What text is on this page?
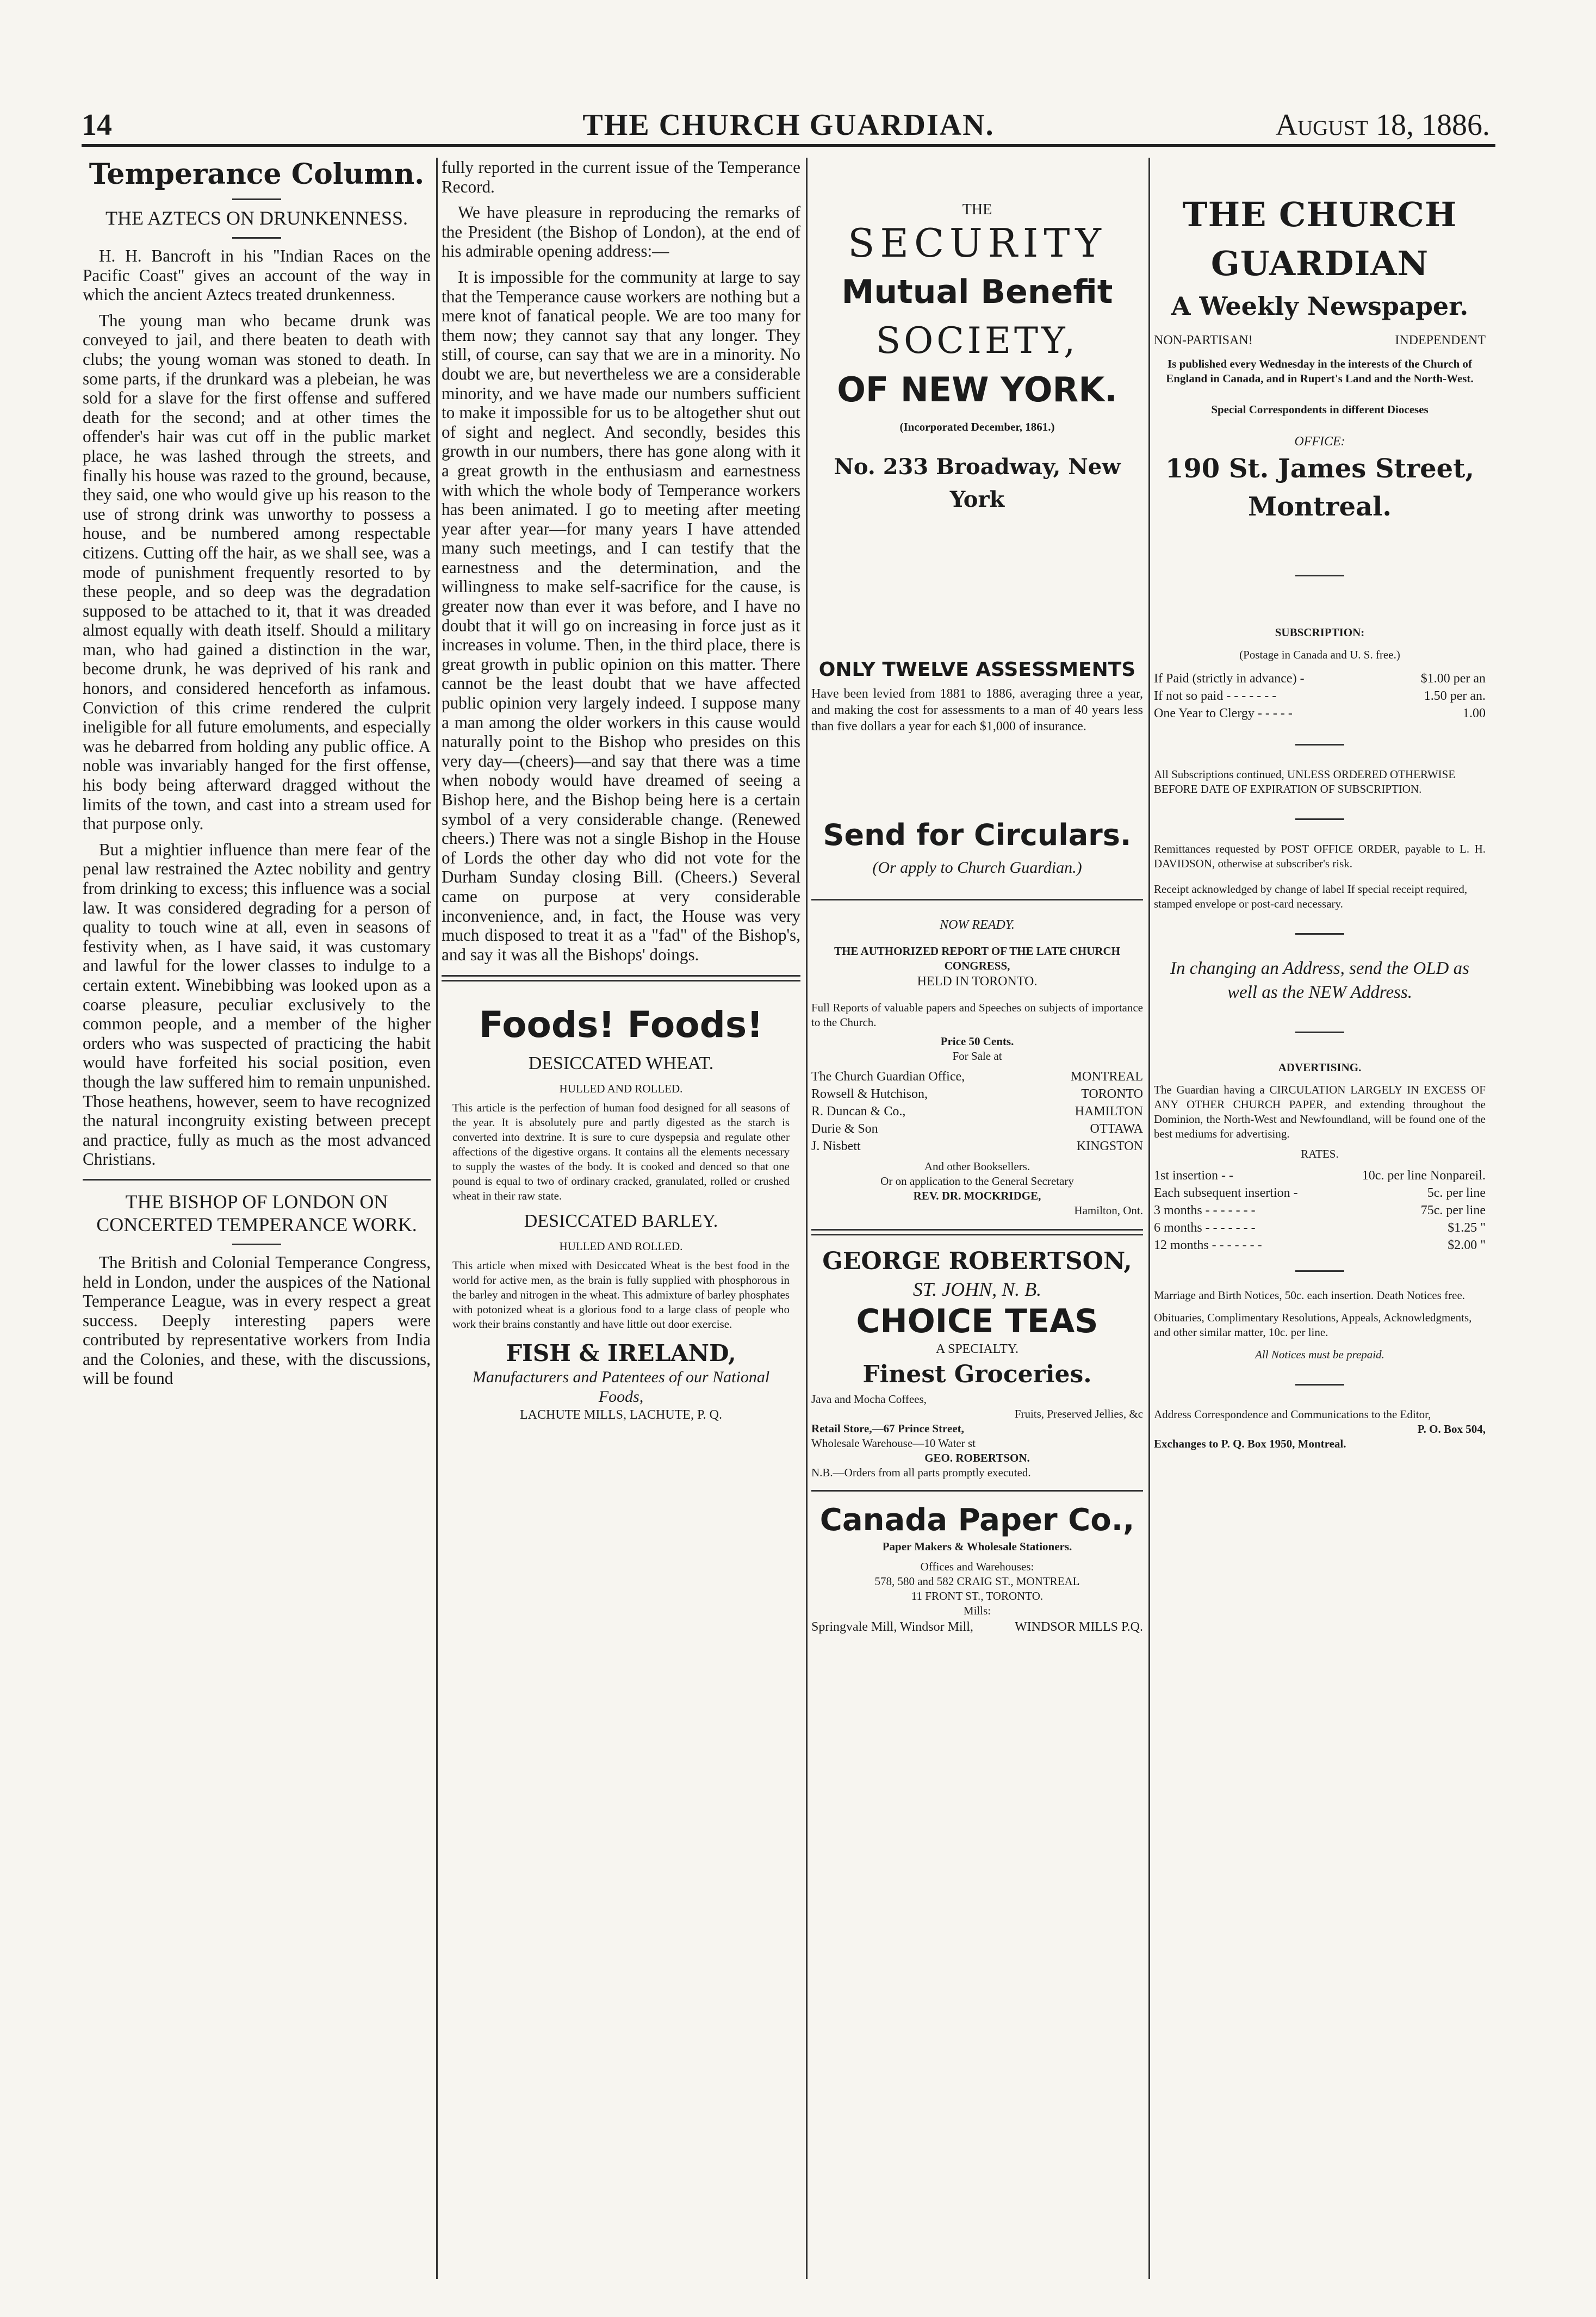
14	THE CHURCH GUARDIAN.	August 18, 1886.
Temperance Column.
THE AZTECS ON DRUNKENNESS.

H. H. Bancroft in his "Indian Races on the Pacific Coast" gives an account of the way in which the ancient Aztecs treated drunkenness.

The young man who became drunk was conveyed to jail, and there beaten to death with clubs; the young woman was stoned to death. In some parts, if the drunkard was a plebeian, he was sold for a slave for the first offense and suffered death for the second; and at other times the offender's hair was cut off in the public market place, he was lashed through the streets, and finally his house was razed to the ground, because, they said, one who would give up his reason to the use of strong drink was unworthy to possess a house, and be numbered among respectable citizens. Cutting off the hair, as we shall see, was a mode of punishment frequently resorted to by these people, and so deep was the degradation supposed to be attached to it, that it was dreaded almost equally with death itself. Should a military man, who had gained a distinction in the war, become drunk, he was deprived of his rank and honors, and considered henceforth as infamous. Conviction of this crime rendered the culprit ineligible for all future emoluments, and especially was he debarred from holding any public office. A noble was invariably hanged for the first offense, his body being afterward dragged without the limits of the town, and cast into a stream used for that purpose only.

But a mightier influence than mere fear of the penal law restrained the Aztec nobility and gentry from drinking to excess; this influence was a social law. It was considered degrading for a person of quality to touch wine at all, even in seasons of festivity when, as I have said, it was customary and lawful for the lower classes to indulge to a certain extent. Winebibbing was looked upon as a coarse pleasure, peculiar exclusively to the common people, and a member of the higher orders who was suspected of practicing the habit would have forfeited his social position, even though the law suffered him to remain unpunished. Those heathens, however, seem to have recognized the natural incongruity existing between precept and practice, fully as much as the most advanced Christians.

THE BISHOP OF LONDON ON CONCERTED TEMPERANCE WORK.

The British and Colonial Temperance Congress, held in London, under the auspices of the National Temperance League, was in every respect a great success. Deeply interesting papers were contributed by representative workers from India and the Colonies, and these, with the discussions, will be found

fully reported in the current issue of the Temperance Record.

We have pleasure in reproducing the remarks of the President (the Bishop of London), at the end of his admirable opening address:—

It is impossible for the community at large to say that the Temperance cause workers are nothing but a mere knot of fanatical people. We are too many for them now; they cannot say that any longer. They still, of course, can say that we are in a minority. No doubt we are, but nevertheless we are a considerable minority, and we have made our numbers sufficient to make it impossible for us to be altogether shut out of sight and neglect. And secondly, besides this growth in our numbers, there has gone along with it a great growth in the enthusiasm and earnestness with which the whole body of Temperance workers has been animated. I go to meeting after meeting year after year—for many years I have attended many such meetings, and I can testify that the earnestness and the determination, and the willingness to make self-sacrifice for the cause, is greater now than ever it was before, and I have no doubt that it will go on increasing in force just as it increases in volume. Then, in the third place, there is great growth in public opinion on this matter. There cannot be the least doubt that we have affected public opinion very largely indeed. I suppose many a man among the older workers in this cause would naturally point to the Bishop who presides on this very day—(cheers)—and say that there was a time when nobody would have dreamed of seeing a Bishop here, and the Bishop being here is a certain symbol of a very considerable change. (Renewed cheers.) There was not a single Bishop in the House of Lords the other day who did not vote for the Durham Sunday closing Bill. (Cheers.) Several came on purpose at very considerable inconvenience, and, in fact, the House was very much disposed to treat it as a "fad" of the Bishop's, and say it was all the Bishops' doings.

Foods! Foods!
DESICCATED WHEAT.
HULLED AND ROLLED.

This article is the perfection of human food designed for all seasons of the year. It is absolutely pure and partly digested as the starch is converted into dextrine. It is sure to cure dyspepsia and regulate other affections of the digestive organs. It contains all the elements necessary to supply the wastes of the body. It is cooked and denced so that one pound is equal to two of ordinary cracked, granulated, rolled or crushed wheat in their raw state.

DESICCATED BARLEY.
HULLED AND ROLLED.

This article when mixed with Desiccated Wheat is the best food in the world for active men, as the brain is fully supplied with phosphorous in the barley and nitrogen in the wheat. This admixture of barley phosphates with potonized wheat is a glorious food to a large class of people who work their brains constantly and have little out door exercise.

FISH & IRELAND,
Manufacturers and Patentees of our National Foods,
LACHUTE MILLS, LACHUTE, P. Q.
THE
SECURITY
Mutual Benefit
SOCIETY,
OF NEW YORK.
(Incorporated December, 1861.)
No. 233 Broadway, New York
ONLY TWELVE ASSESSMENTS

Have been levied from 1881 to 1886, averaging three a year, and making the cost for assessments to a man of 40 years less than five dollars a year for each $1,000 of insurance.

Send for Circulars.
(Or apply to Church Guardian.)
NOW READY.
THE AUTHORIZED REPORT OF THE LATE CHURCH CONGRESS,
HELD IN TORONTO.

Full Reports of valuable papers and Speeches on subjects of importance to the Church.

Price 50 Cents.
For Sale at
The Church Guardian Office,	MONTREAL
Rowsell & Hutchison,	TORONTO
R. Duncan & Co.,	HAMILTON
Durie & Son	OTTAWA
J. Nisbett	KINGSTON
And other Booksellers.
Or on application to the General Secretary
REV. DR. MOCKRIDGE,
Hamilton, Ont.
GEORGE ROBERTSON,
ST. JOHN, N. B.
CHOICE TEAS
A SPECIALTY.
Finest Groceries.
Java and Mocha Coffees,
Fruits, Preserved Jellies, &c
Retail Store,—67 Prince Street,
Wholesale Warehouse—10 Water st
GEO. ROBERTSON.
N.B.—Orders from all parts promptly executed.
Canada Paper Co.,
Paper Makers & Wholesale Stationers.
Offices and Warehouses:
578, 580 and 582 CRAIG ST., MONTREAL
11 FRONT ST., TORONTO.
Mills:
Springvale Mill, Windsor Mill,	WINDSOR MILLS P.Q.
THE CHURCH GUARDIAN
A Weekly Newspaper.
NON-PARTISAN!	INDEPENDENT
Is published every Wednesday in the interests of the Church of England in Canada, and in Rupert's Land and the North-West.
Special Correspondents in different Dioceses
OFFICE:
190 St. James Street, Montreal.
SUBSCRIPTION:
(Postage in Canada and U. S. free.)
If Paid (strictly in advance) -	$1.00 per an
If not so paid - - - - - - -	1.50 per an.
One Year to Clergy - - - - -	1.00
All Subscriptions continued, UNLESS ORDERED OTHERWISE BEFORE DATE OF EXPIRATION OF SUBSCRIPTION.
Remittances requested by POST OFFICE ORDER, payable to L. H. DAVIDSON, otherwise at subscriber's risk.
Receipt acknowledged by change of label If special receipt required, stamped envelope or post-card necessary.
In changing an Address, send the OLD as well as the NEW Address.
ADVERTISING.
The Guardian having a CIRCULATION LARGELY IN EXCESS OF ANY OTHER CHURCH PAPER, and extending throughout the Dominion, the North-West and Newfoundland, will be found one of the best mediums for advertising.
RATES.
1st insertion - -	10c. per line Nonpareil.
Each subsequent insertion -	5c. per line
3 months - - - - - - -	75c. per line
6 months - - - - - - -	$1.25 "
12 months - - - - - - -	$2.00 "
Marriage and Birth Notices, 50c. each insertion. Death Notices free.
Obituaries, Complimentary Resolutions, Appeals, Acknowledgments, and other similar matter, 10c. per line.
All Notices must be prepaid.
Address Correspondence and Communications to the Editor,
P. O. Box 504,
Exchanges to P. Q. Box 1950, Montreal.
